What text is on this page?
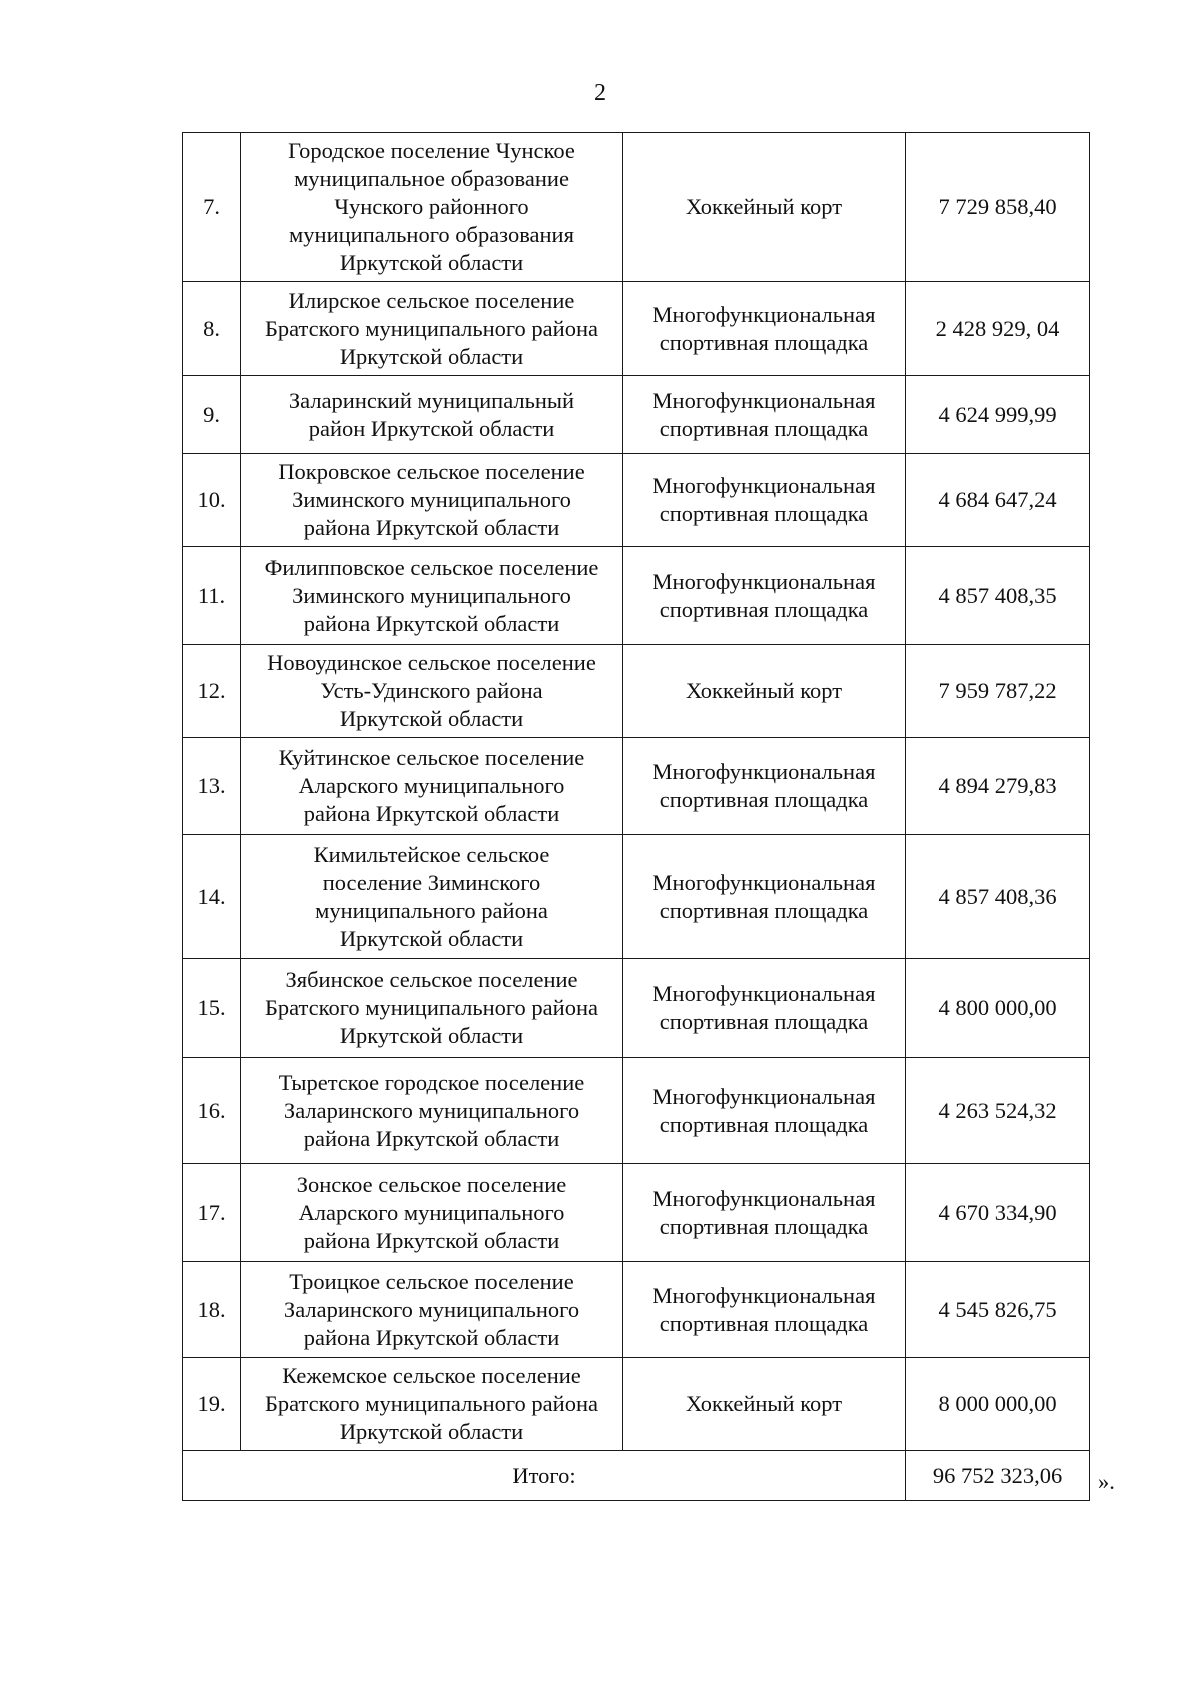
2
7.	Городское поселение Чунское
муниципальное образование
Чунского районного
муниципального образования
Иркутской области	Хоккейный корт	7 729 858,40
8.	Илирское сельское поселение
Братского муниципального района
Иркутской области	Многофункциональная
спортивная площадка	2 428 929, 04
9.	Заларинский муниципальный
район Иркутской области	Многофункциональная
спортивная площадка	4 624 999,99
10.	Покровское сельское поселение
Зиминского муниципального
района Иркутской области	Многофункциональная
спортивная площадка	4 684 647,24
11.	Филипповское сельское поселение
Зиминского муниципального
района Иркутской области	Многофункциональная
спортивная площадка	4 857 408,35
12.	Новоудинское сельское поселение
Усть-Удинского района
Иркутской области	Хоккейный корт	7 959 787,22
13.	Куйтинское сельское поселение
Аларского муниципального
района Иркутской области	Многофункциональная
спортивная площадка	4 894 279,83
14.	Кимильтейское сельское
поселение Зиминского
муниципального района
Иркутской области	Многофункциональная
спортивная площадка	4 857 408,36
15.	Зябинское сельское поселение
Братского муниципального района
Иркутской области	Многофункциональная
спортивная площадка	4 800 000,00
16.	Тыретское городское поселение
Заларинского муниципального
района Иркутской области	Многофункциональная
спортивная площадка	4 263 524,32
17.	Зонское сельское поселение
Аларского муниципального
района Иркутской области	Многофункциональная
спортивная площадка	4 670 334,90
18.	Троицкое сельское поселение
Заларинского муниципального
района Иркутской области	Многофункциональная
спортивная площадка	4 545 826,75
19.	Кежемское сельское поселение
Братского муниципального района
Иркутской области	Хоккейный корт	8 000 000,00
Итого:			96 752 323,06 ».
